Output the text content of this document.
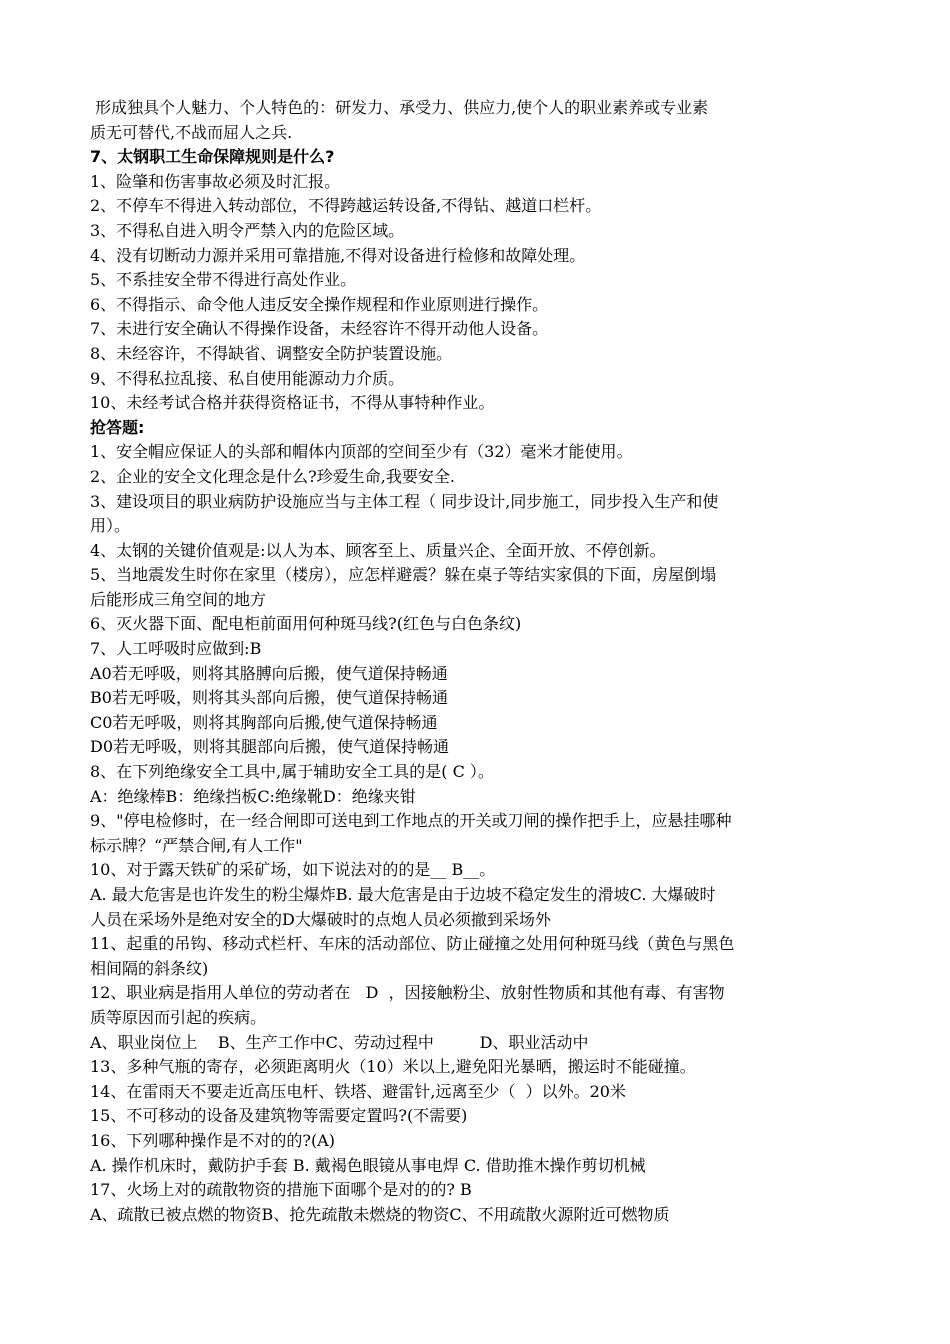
形成独具个人魅力、个人特色的：研发力、承受力、供应力,使个人的职业素养或专业素

质无可替代,不战而屈人之兵.

7、太钢职工生命保障规则是什么?

1、险肇和伤害事故必须及时汇报。

2、不停车不得进入转动部位，不得跨越运转设备,不得钻、越道口栏杆。

3、不得私自进入明令严禁入内的危险区域。

4、没有切断动力源并采用可靠措施,不得对设备进行检修和故障处理。

5、不系挂安全带不得进行高处作业。

6、不得指示、命令他人违反安全操作规程和作业原则进行操作。

7、未进行安全确认不得操作设备，未经容许不得开动他人设备。

8、未经容许，不得缺省、调整安全防护装置设施。

9、不得私拉乱接、私自使用能源动力介质。

10、未经考试合格并获得资格证书，不得从事特种作业。

抢答题:

1、安全帽应保证人的头部和帽体内顶部的空间至少有（32）毫米才能使用。

2、企业的安全文化理念是什么?珍爱生命,我要安全.

3、建设项目的职业病防护设施应当与主体工程（ 同步设计,同步施工，同步投入生产和使

用）。

4、太钢的关键价值观是:以人为本、顾客至上、质量兴企、全面开放、不停创新。

5、当地震发生时你在家里（楼房），应怎样避震？躲在桌子等结实家俱的下面，房屋倒塌

后能形成三角空间的地方

6、灭火器下面、配电柜前面用何种斑马线?(红色与白色条纹)

7、人工呼吸时应做到:B

A0若无呼吸，则将其胳膊向后搬，使气道保持畅通

B0若无呼吸，则将其头部向后搬，使气道保持畅通

C0若无呼吸，则将其胸部向后搬,使气道保持畅通

D0若无呼吸，则将其腿部向后搬，使气道保持畅通

8、在下列绝缘安全工具中,属于辅助安全工具的是( C ）。

A：绝缘棒B：绝缘挡板C:绝缘靴D：绝缘夹钳

9、"停电检修时，在一经合闸即可送电到工作地点的开关或刀闸的操作把手上，应悬挂哪种

标示牌？“严禁合闸,有人工作"

10、对于露天铁矿的采矿场，如下说法对的的是__ B__。

A. 最大危害是也许发生的粉尘爆炸B. 最大危害是由于边坡不稳定发生的滑坡C. 大爆破时

人员在采场外是绝对安全的D大爆破时的点炮人员必须撤到采场外

11、起重的吊钩、移动式栏杆、车床的活动部位、防止碰撞之处用何种斑马线（黄色与黑色

相间隔的斜条纹)

12、职业病是指用人单位的劳动者在   D  ，因接触粉尘、放射性物质和其他有毒、有害物

质等原因而引起的疾病。

A、职业岗位上    B、生产工作中C、劳动过程中         D、职业活动中

13、多种气瓶的寄存，必须距离明火（10）米以上,避免阳光暴晒，搬运时不能碰撞。

14、在雷雨天不要走近高压电杆、铁塔、避雷针,远离至少（  ）以外。20米

15、不可移动的设备及建筑物等需要定置吗?(不需要)

16、下列哪种操作是不对的的?(A)

A. 操作机床时，戴防护手套 B. 戴褐色眼镜从事电焊 C. 借助推木操作剪切机械

17、火场上对的疏散物资的措施下面哪个是对的的? B

A、疏散已被点燃的物资B、抢先疏散未燃烧的物资C、不用疏散火源附近可燃物质
